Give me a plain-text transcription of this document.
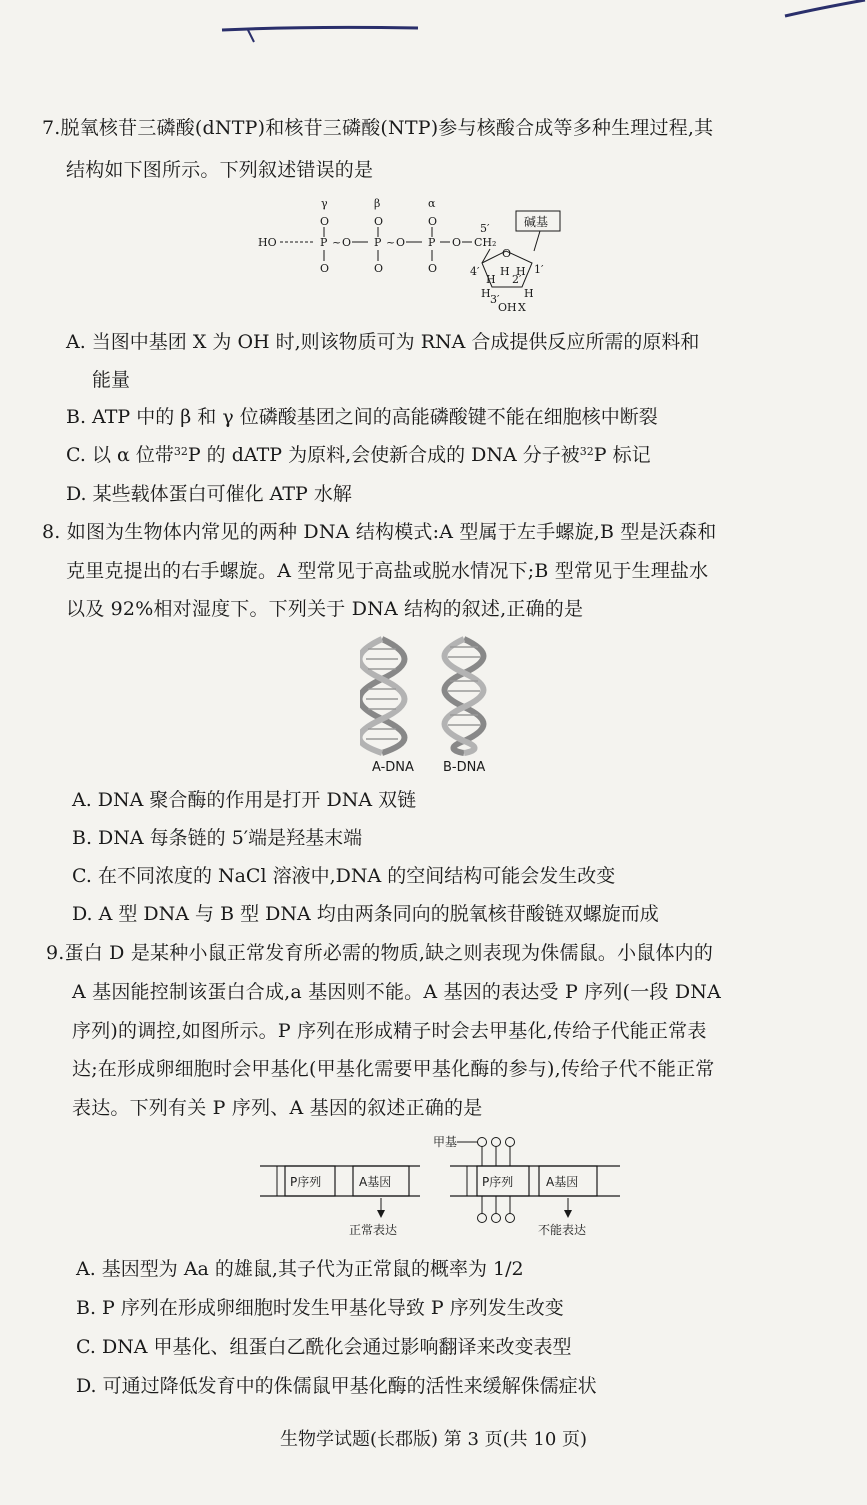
7.脱氧核苷三磷酸(dNTP)和核苷三磷酸(NTP)参与核酸合成等多种生理过程,其
结构如下图所示。下列叙述错误的是
γ	β	α
O	O	O
HO	P ~ O P ~ O P O CH₂
5′
O	O	O
O
4′	1′
2′
3′
H
H H
H
H
OH X
碱基
A. 当图中基团 X 为 OH 时,则该物质可为 RNA 合成提供反应所需的原料和
能量
B. ATP 中的 β 和 γ 位磷酸基团之间的高能磷酸键不能在细胞核中断裂
C. 以 α 位带$^{32}$P 的 dATP 为原料,会使新合成的 DNA 分子被$^{32}$P 标记
D. 某些载体蛋白可催化 ATP 水解
8. 如图为生物体内常见的两种 DNA 结构模式:A 型属于左手螺旋,B 型是沃森和
克里克提出的右手螺旋。A 型常见于高盐或脱水情况下;B 型常见于生理盐水
以及 92%相对湿度下。下列关于 DNA 结构的叙述,正确的是
A-DNA B-DNA
A. DNA 聚合酶的作用是打开 DNA 双链
B. DNA 每条链的 5′端是羟基末端
C. 在不同浓度的 NaCl 溶液中,DNA 的空间结构可能会发生改变
D. A 型 DNA 与 B 型 DNA 均由两条同向的脱氧核苷酸链双螺旋而成
9.蛋白 D 是某种小鼠正常发育所必需的物质,缺之则表现为侏儒鼠。小鼠体内的
A 基因能控制该蛋白合成,a 基因则不能。A 基因的表达受 P 序列(一段 DNA
序列)的调控,如图所示。P 序列在形成精子时会去甲基化,传给子代能正常表
达;在形成卵细胞时会甲基化(甲基化需要甲基化酶的参与),传给子代不能正常
表达。下列有关 P 序列、A 基因的叙述正确的是
P序列	A基因
正常表达
甲基
P序列	A基因
不能表达
A. 基因型为 Aa 的雄鼠,其子代为正常鼠的概率为 1/2
B. P 序列在形成卵细胞时发生甲基化导致 P 序列发生改变
C. DNA 甲基化、组蛋白乙酰化会通过影响翻译来改变表型
D. 可通过降低发育中的侏儒鼠甲基化酶的活性来缓解侏儒症状
生物学试题(长郡版) 第 3 页(共 10 页)
